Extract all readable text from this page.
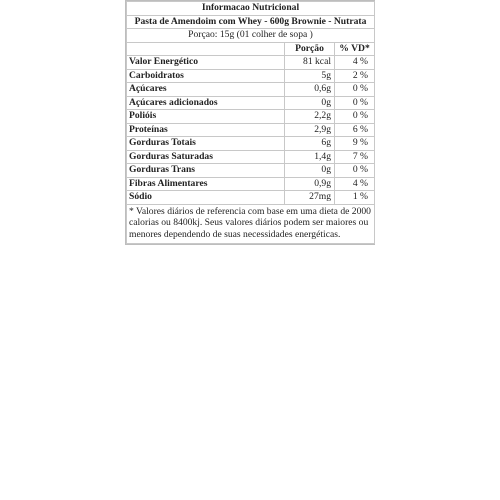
Informacao Nutricional		
Pasta de Amendoim com Whey - 600g Brownie - Nutrata		
Porçao: 15g (01 colher de sopa )		
	Porção	% VD*
Valor Energético	81 kcal	4 %
Carboidratos	5g	2 %
Açúcares	0,6g	0 %
Açúcares adicionados	0g	0 %
Polióis	2,2g	0 %
Proteínas	2,9g	6 %
Gorduras Totais	6g	9 %
Gorduras Saturadas	1,4g	7 %
Gorduras Trans	0g	0 %
Fibras Alimentares	0,9g	4 %
Sódio	27mg	1 %
* Valores diários de referencia com base em uma dieta de 2000 calorias ou 8400kj. Seus valores diários podem ser maiores ou menores dependendo de suas necessidades energéticas.		
